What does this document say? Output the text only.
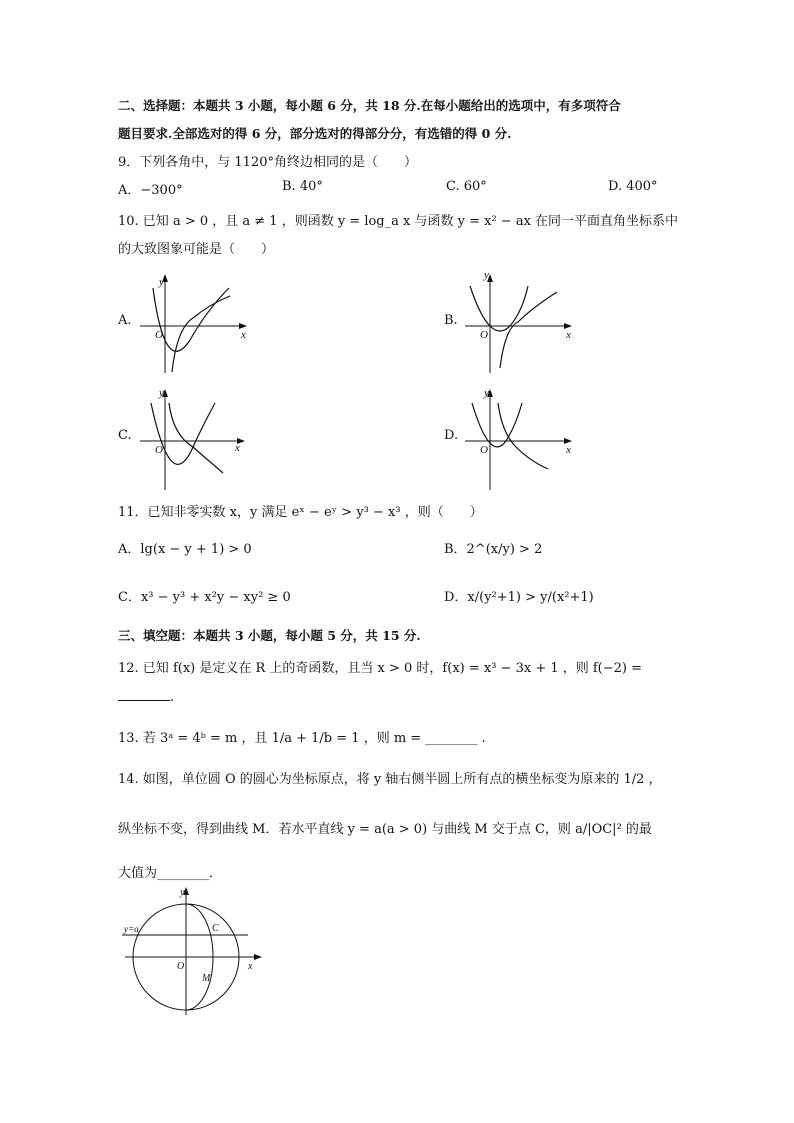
二、选择题：本题共 3 小题，每小题 6 分，共 18 分.在每小题给出的选项中，有多项符合
题目要求.全部选对的得 6 分，部分选对的得部分分，有选错的得 0 分.
9．下列各角中，与 1120°角终边相同的是（　　）
A．−300°	B. 40°	C. 60°	D. 400°
10. 已知 a > 0 ，且 a ≠ 1 ，则函数 y = log_a x 与函数 y = x² − ax 在同一平面直角坐标系中
的大致图象可能是（　　）
A.	B.
C.	D.
y
x
O
y
x
O
y
x
O
y
x
O
11．已知非零实数 x，y 满足 eˣ − eʸ > y³ − x³ ，则（　　）
A．lg(x − y + 1) > 0	B．2^(x/y) > 2
C．x³ − y³ + x²y − xy² ≥ 0	D．x/(y²+1) > y/(x²+1)
三、填空题：本题共 3 小题，每小题 5 分，共 15 分.
12. 已知 f(x) 是定义在 R 上的奇函数，且当 x > 0 时，f(x) = x³ − 3x + 1 ，则 f(−2) =
.
13. 若 3ᵃ = 4ᵇ = m ，且 1/a + 1/b = 1 ，则 m = ________ .
14. 如图，单位圆 O 的圆心为坐标原点，将 y 轴右侧半圆上所有点的横坐标变为原来的 1/2 ，
纵坐标不变，得到曲线 M．若水平直线 y = a(a > 0) 与曲线 M 交于点 C，则 a/|OC|² 的最
大值为________．
y=a	C
M
O	x
y
